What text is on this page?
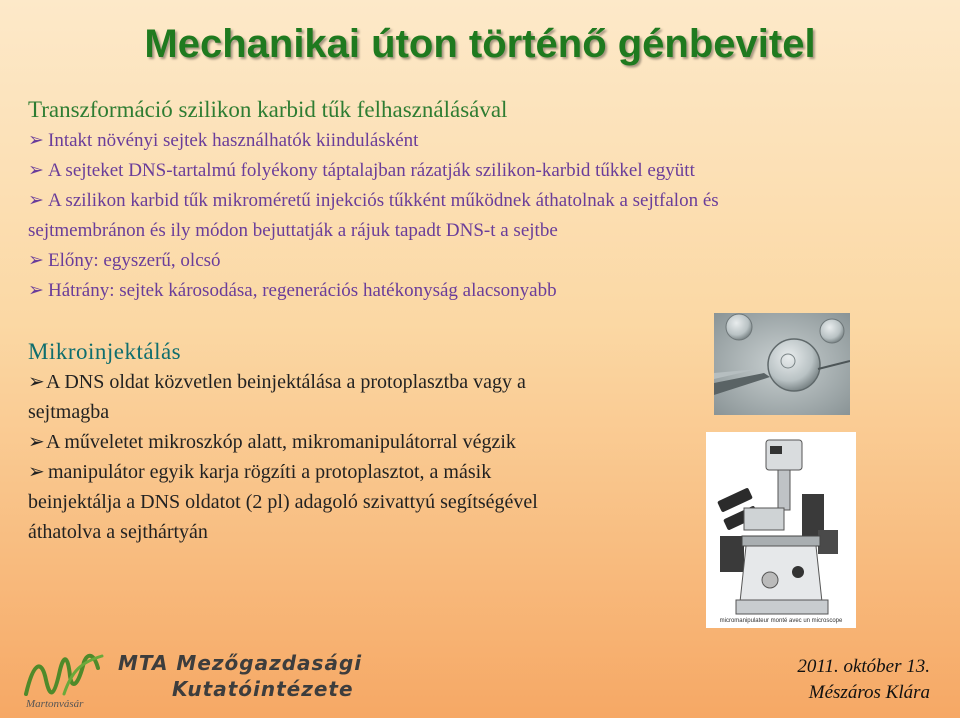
Mechanikai úton történő génbevitel
Transzformáció szilikon karbid tűk felhasználásával
➢ Intakt növényi sejtek használhatók kiindulásként
➢ A sejteket DNS-tartalmú folyékony táptalajban rázatják szilikon-karbid tűkkel együtt
➢ A szilikon karbid tűk mikroméretű injekciós tűkként működnek áthatolnak a sejtfalon és
sejtmembránon és ily módon bejuttatják a rájuk tapadt DNS-t a sejtbe
➢ Előny: egyszerű, olcsó
➢ Hátrány: sejtek károsodása, regenerációs hatékonyság alacsonyabb
Mikroinjektálás
➢A DNS oldat közvetlen beinjektálása a protoplasztba vagy a
sejtmagba
➢A műveletet mikroszkóp alatt, mikromanipulátorral végzik
➢ manipulátor egyik karja rögzíti a protoplasztot, a másik
beinjektálja a DNS oldatot (2 pl) adagoló szivattyú segítségével
áthatolva a sejthártyán
micromanipulateur monté avec un microscope
Martonvásár
MTA Mezőgazdasági
Kutatóintézete
2011. október 13.
Mészáros Klára
